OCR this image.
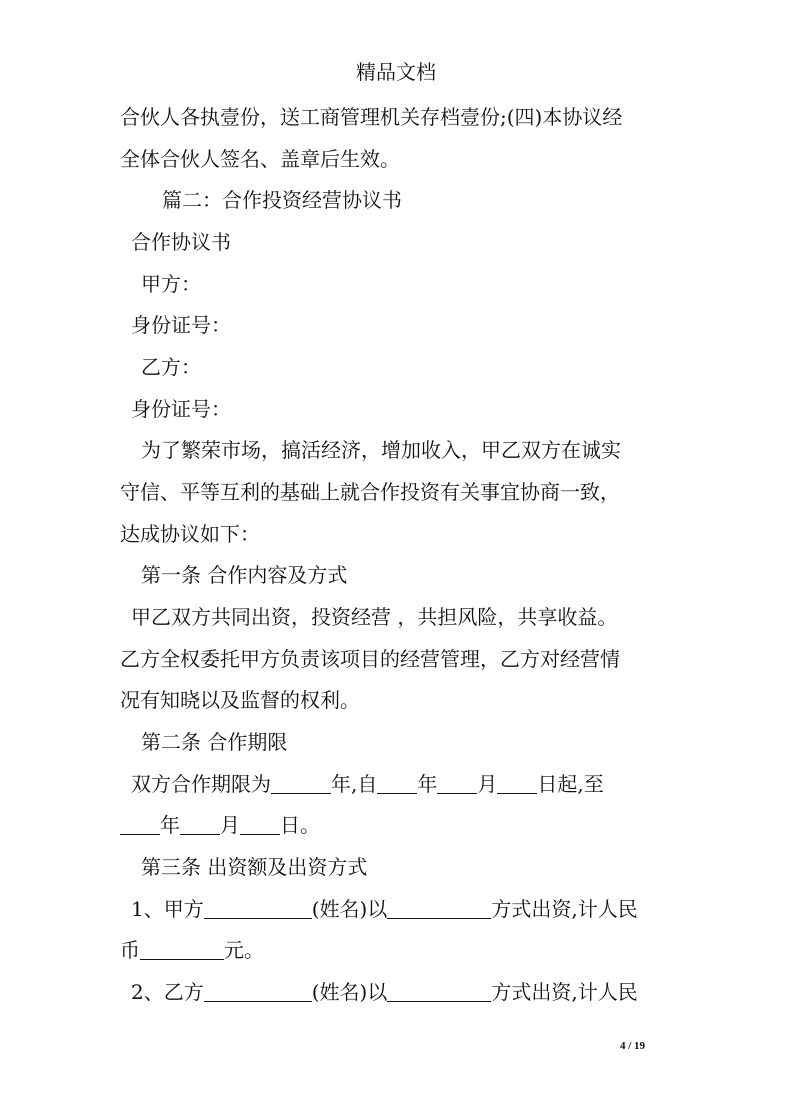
精品文档
合伙人各执壹份，送工商管理机关存档壹份;(四)本协议经
全体合伙人签名、盖章后生效。
篇二：合作投资经营协议书
合作协议书
甲方：
身份证号：
乙方：
身份证号：
为了繁荣市场，搞活经济，增加收入，甲乙双方在诚实
守信、平等互利的基础上就合作投资有关事宜协商一致，
达成协议如下：
第一条 合作内容及方式
甲乙双方共同出资，投资经营 ，共担风险，共享收益。
乙方全权委托甲方负责该项目的经营管理，乙方对经营情
况有知晓以及监督的权利。
第二条 合作期限
双方合作期限为	年,自 年 月 日起,至
年 月 日。
第三条 出资额及出资方式
1、甲方	(姓名)以	方式出资,计人民
币	元。
2、乙方	(姓名)以	方式出资,计人民
4 / 19
